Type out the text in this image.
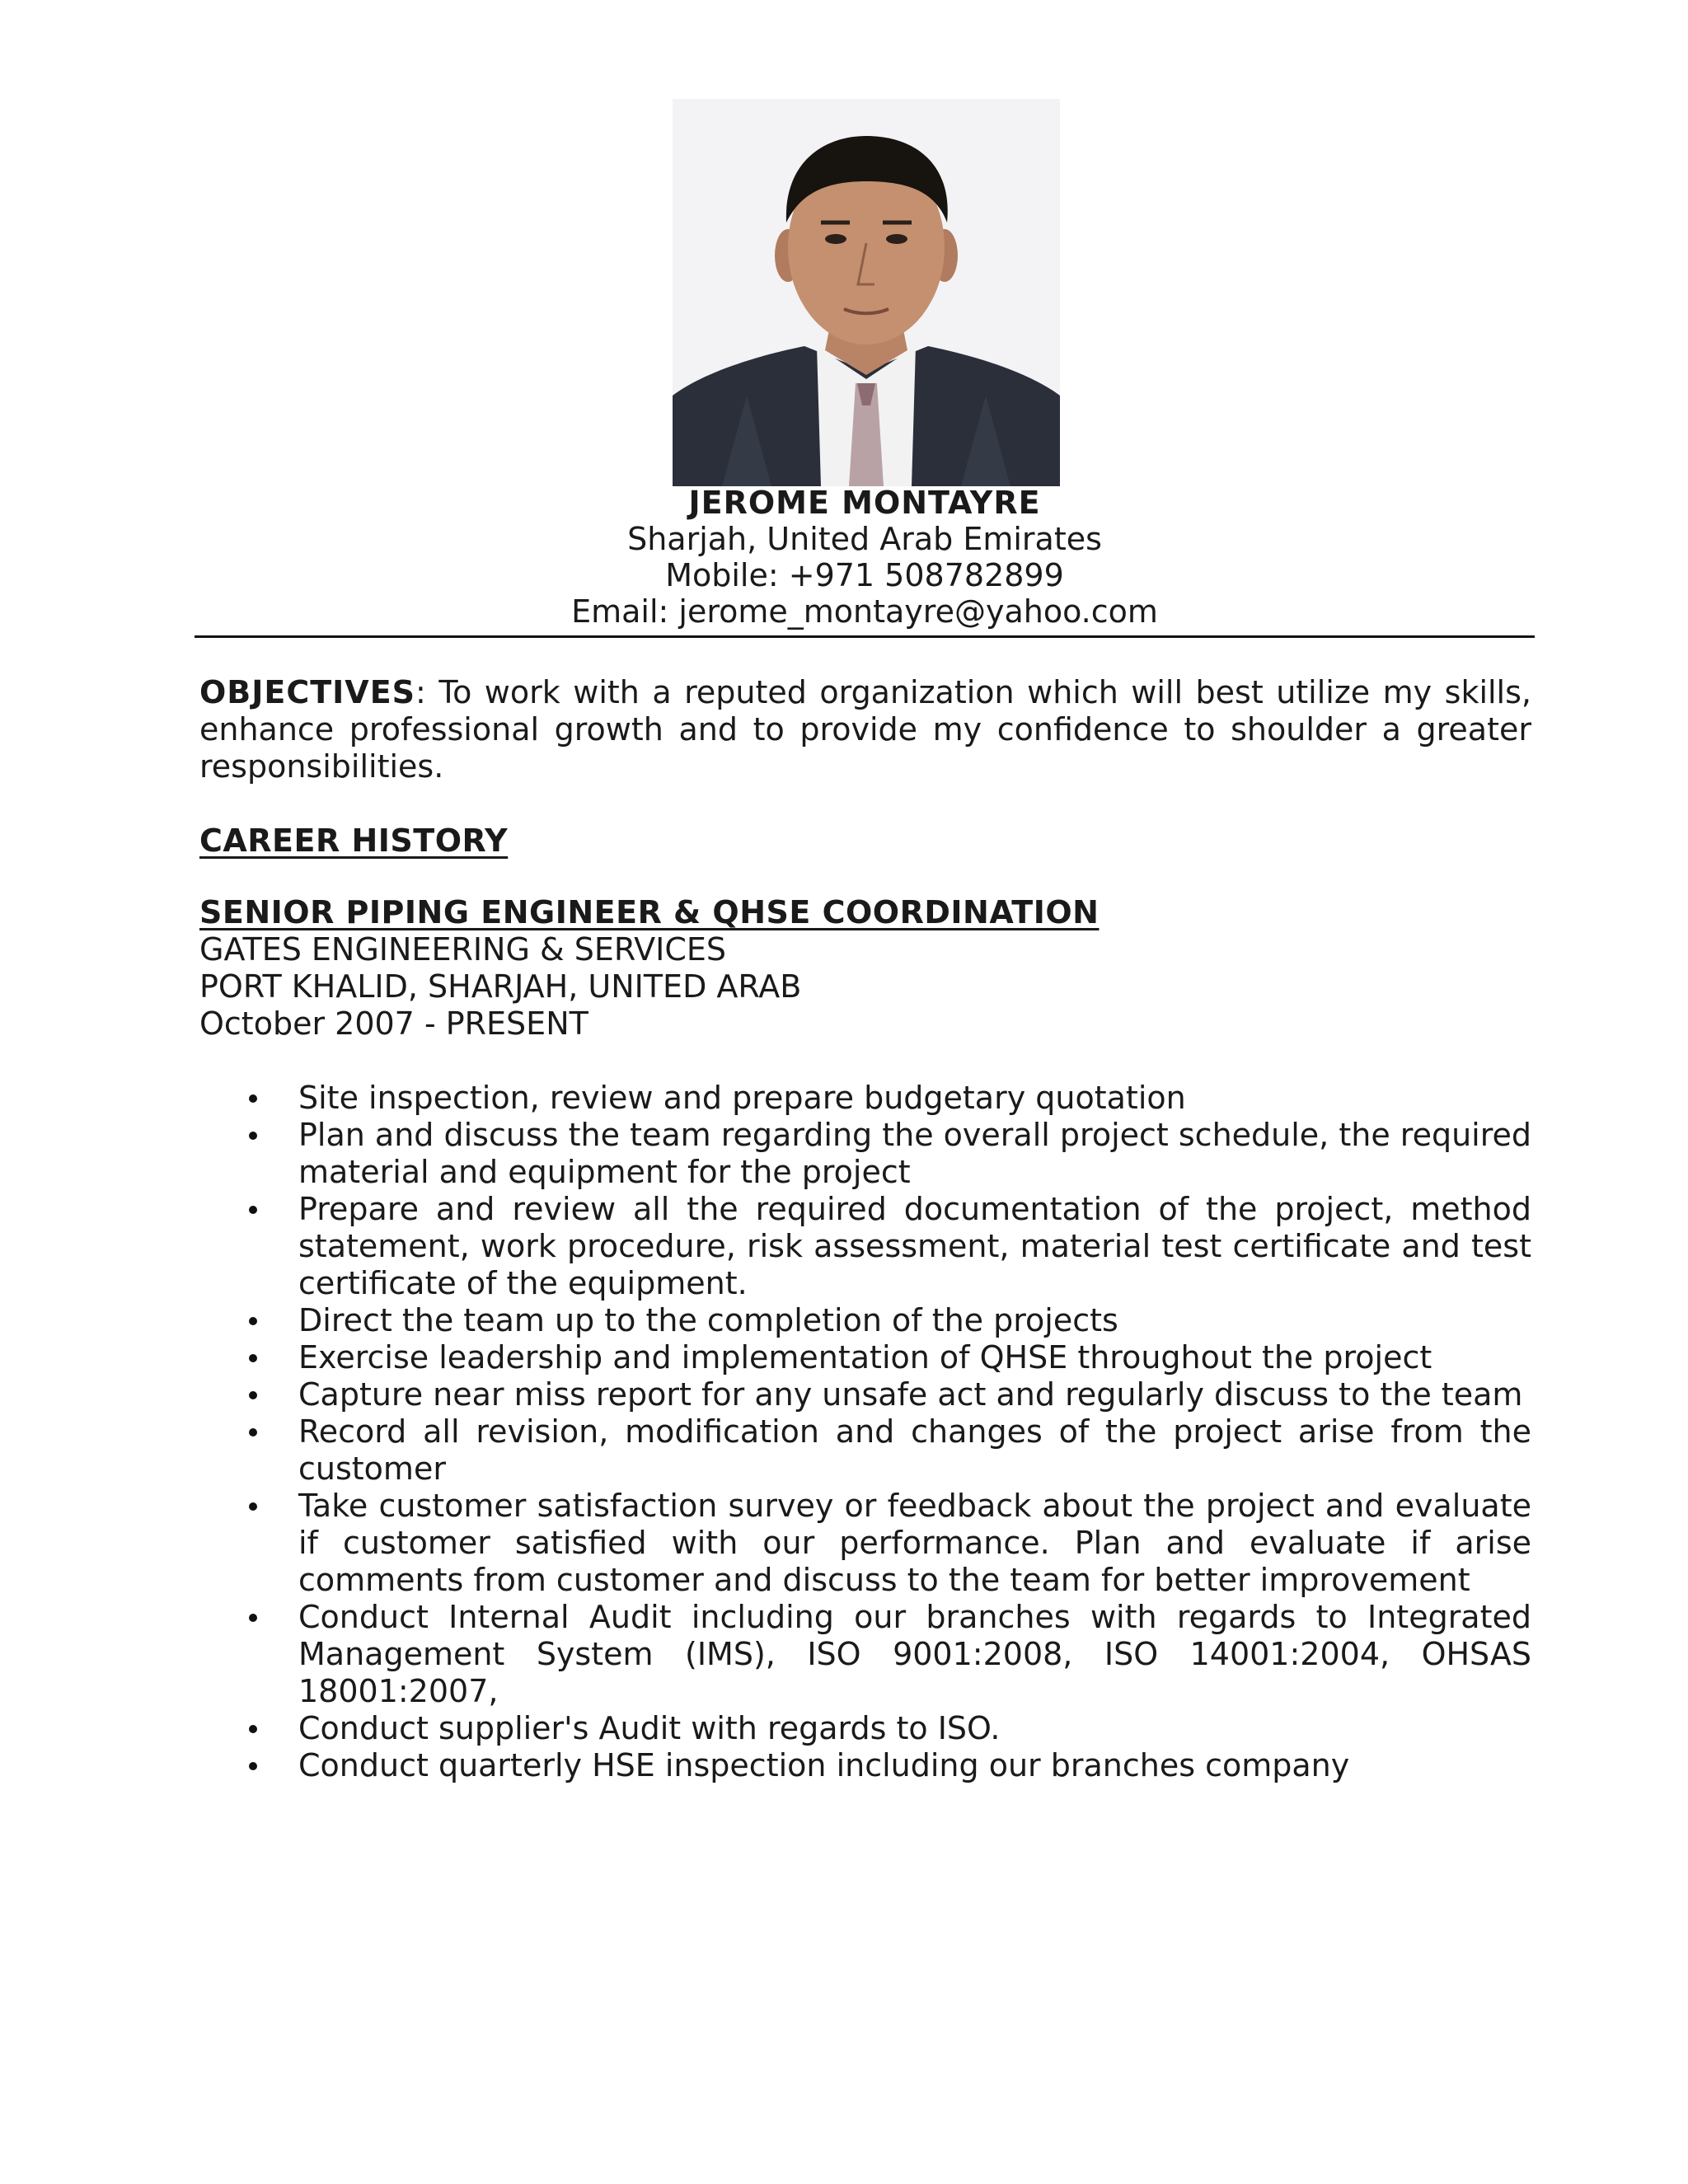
JEROME MONTAYRE
Sharjah, United Arab Emirates
Mobile: +971 508782899
Email: jerome_montayre@yahoo.com
OBJECTIVES: To work with a reputed organization which will best utilize my skills, enhance professional growth and to provide my confidence to shoulder a greater responsibilities.
CAREER HISTORY
SENIOR PIPING ENGINEER & QHSE COORDINATION
GATES ENGINEERING & SERVICES
PORT KHALID, SHARJAH, UNITED ARAB
October 2007 - PRESENT
Site inspection, review and prepare budgetary quotation
Plan and discuss the team regarding the overall project schedule, the required material and equipment for the project
Prepare and review all the required documentation of the project, method statement, work procedure, risk assessment, material test certificate and test certificate of the equipment.
Direct the team up to the completion of the projects
Exercise leadership and implementation of QHSE throughout the project
Capture near miss report for any unsafe act and regularly discuss to the team
Record all revision, modification and changes of the project arise from the customer
Take customer satisfaction survey or feedback about the project and evaluate if customer satisfied with our performance. Plan and evaluate if arise comments from customer and discuss to the team for better improvement
Conduct Internal Audit including our branches with regards to Integrated Management System (IMS), ISO 9001:2008, ISO 14001:2004, OHSAS 18001:2007,
Conduct supplier's Audit with regards to ISO.
Conduct quarterly HSE inspection including our branches company
